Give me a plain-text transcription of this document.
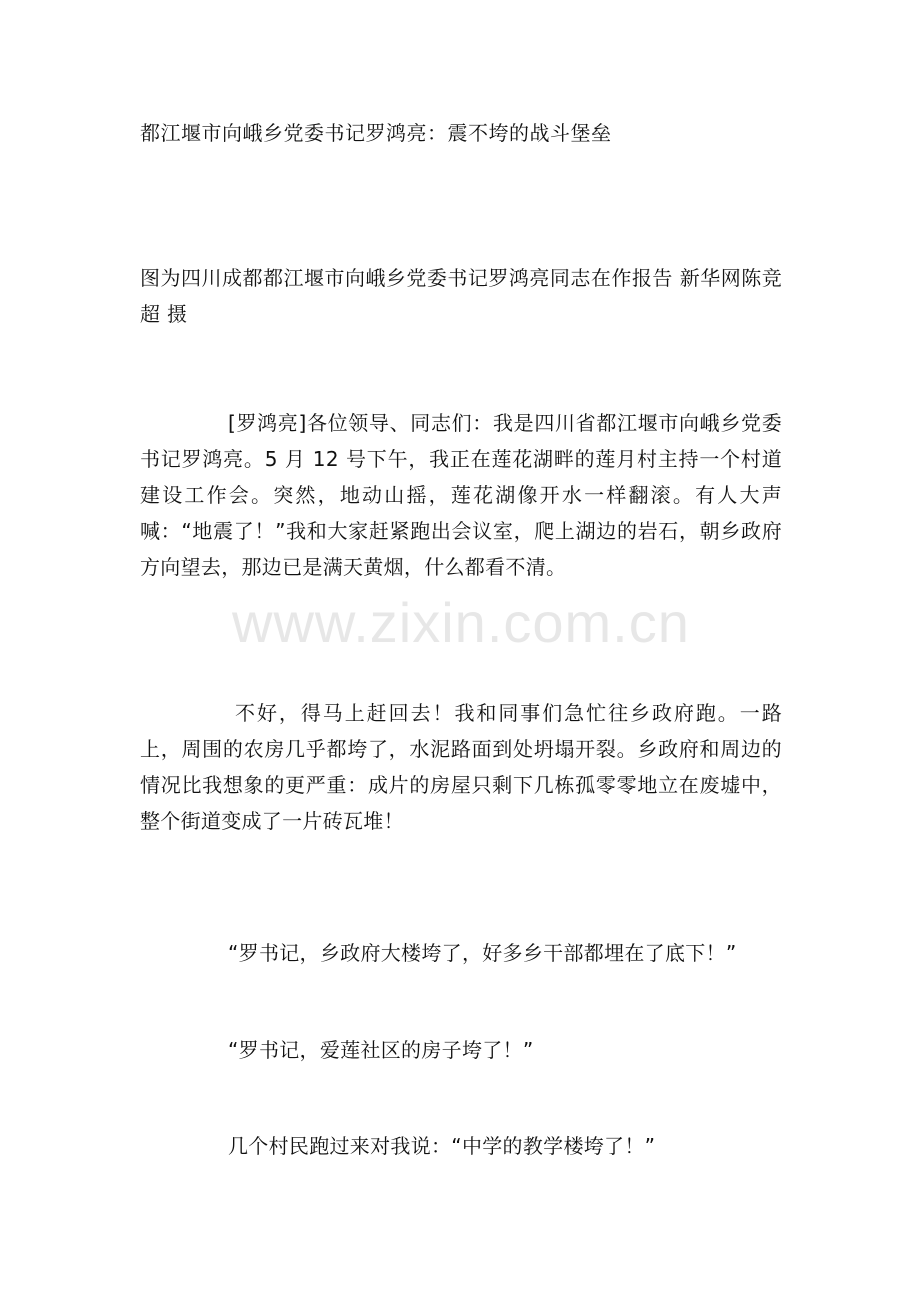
都江堰市向峨乡党委书记罗鸿亮：震不垮的战斗堡垒

图为四川成都都江堰市向峨乡党委书记罗鸿亮同志在作报告 新华网陈竞超 摄

[罗鸿亮]各位领导、同志们：我是四川省都江堰市向峨乡党委书记罗鸿亮。5 月 12 号下午，我正在莲花湖畔的莲月村主持一个村道建设工作会。突然，地动山摇，莲花湖像开水一样翻滚。有人大声喊：“地震了！”我和大家赶紧跑出会议室，爬上湖边的岩石，朝乡政府方向望去，那边已是满天黄烟，什么都看不清。

www.zixin.com.cn

不好，得马上赶回去！我和同事们急忙往乡政府跑。一路上，周围的农房几乎都垮了，水泥路面到处坍塌开裂。乡政府和周边的情况比我想象的更严重：成片的房屋只剩下几栋孤零零地立在废墟中，整个街道变成了一片砖瓦堆！

“罗书记，乡政府大楼垮了，好多乡干部都埋在了底下！”

“罗书记，爱莲社区的房子垮了！”

几个村民跑过来对我说：“中学的教学楼垮了！”
